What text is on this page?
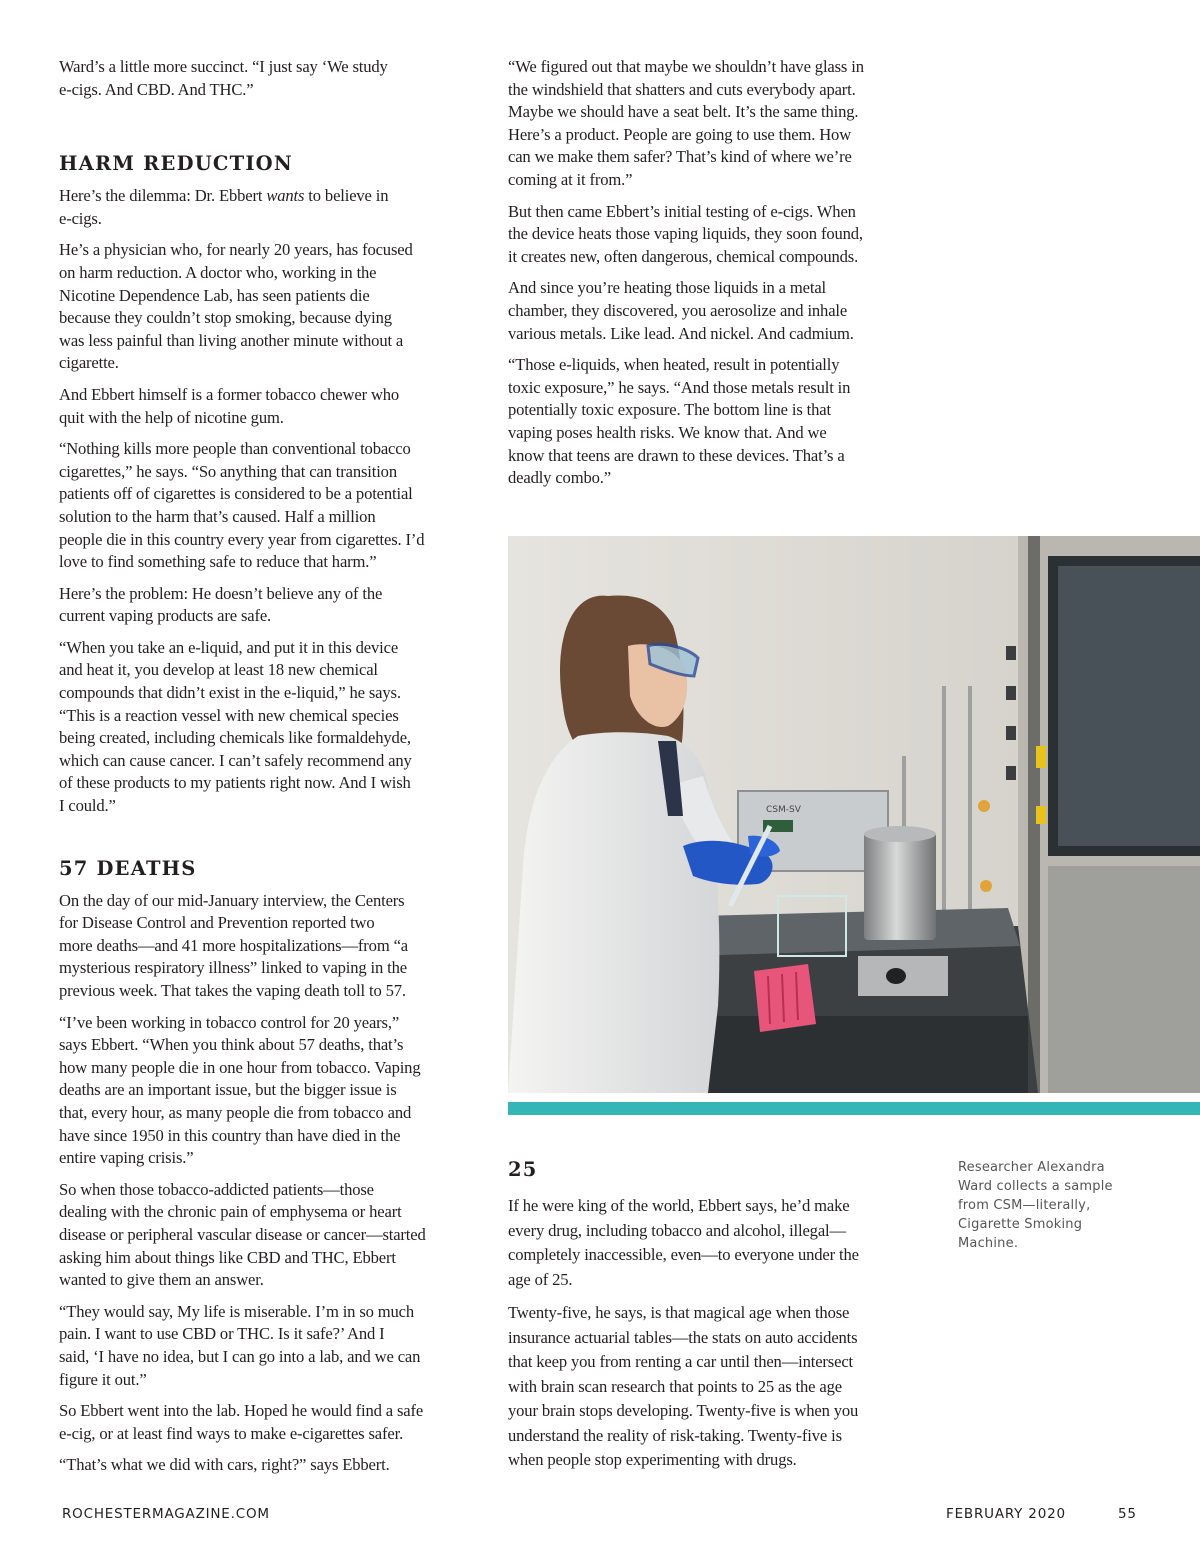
Ward’s a little more succinct. “I just say ‘We study
e-cigs. And CBD. And THC.”

HARM REDUCTION

Here’s the dilemma: Dr. Ebbert wants to believe in
e-cigs.

He’s a physician who, for nearly 20 years, has focused
on harm reduction. A doctor who, working in the
Nicotine Dependence Lab, has seen patients die
because they couldn’t stop smoking, because dying
was less painful than living another minute without a
cigarette.

And Ebbert himself is a former tobacco chewer who
quit with the help of nicotine gum.

“Nothing kills more people than conventional tobacco
cigarettes,” he says. “So anything that can transition
patients off of cigarettes is considered to be a potential
solution to the harm that’s caused. Half a million
people die in this country every year from cigarettes. I’d
love to find something safe to reduce that harm.”

Here’s the problem: He doesn’t believe any of the
current vaping products are safe.

“When you take an e-liquid, and put it in this device
and heat it, you develop at least 18 new chemical
compounds that didn’t exist in the e-liquid,” he says.
“This is a reaction vessel with new chemical species
being created, including chemicals like formaldehyde,
which can cause cancer. I can’t safely recommend any
of these products to my patients right now. And I wish
I could.”

57 DEATHS

On the day of our mid-January interview, the Centers
for Disease Control and Prevention reported two
more deaths—and 41 more hospitalizations—from “a
mysterious respiratory illness” linked to vaping in the
previous week. That takes the vaping death toll to 57.

“I’ve been working in tobacco control for 20 years,”
says Ebbert. “When you think about 57 deaths, that’s
how many people die in one hour from tobacco. Vaping
deaths are an important issue, but the bigger issue is
that, every hour, as many people die from tobacco and
have since 1950 in this country than have died in the
entire vaping crisis.”

So when those tobacco-addicted patients—those
dealing with the chronic pain of emphysema or heart
disease or peripheral vascular disease or cancer—started
asking him about things like CBD and THC, Ebbert
wanted to give them an answer.

“They would say, My life is miserable. I’m in so much
pain. I want to use CBD or THC. Is it safe?’ And I
said, ‘I have no idea, but I can go into a lab, and we can
figure it out.”

So Ebbert went into the lab. Hoped he would find a safe
e-cig, or at least find ways to make e-cigarettes safer.

“That’s what we did with cars, right?” says Ebbert.

“We figured out that maybe we shouldn’t have glass in
the windshield that shatters and cuts everybody apart.
Maybe we should have a seat belt. It’s the same thing.
Here’s a product. People are going to use them. How
can we make them safer? That’s kind of where we’re
coming at it from.”

But then came Ebbert’s initial testing of e-cigs. When
the device heats those vaping liquids, they soon found,
it creates new, often dangerous, chemical compounds.

And since you’re heating those liquids in a metal
chamber, they discovered, you aerosolize and inhale
various metals. Like lead. And nickel. And cadmium.

“Those e-liquids, when heated, result in potentially
toxic exposure,” he says. “And those metals result in
potentially toxic exposure. The bottom line is that
vaping poses health risks. We know that. And we
know that teens are drawn to these devices. That’s a
deadly combo.”

CSM-SV
25

If he were king of the world, Ebbert says, he’d make
every drug, including tobacco and alcohol, illegal—
completely inaccessible, even—to everyone under the
age of 25.

Twenty-five, he says, is that magical age when those
insurance actuarial tables—the stats on auto accidents
that keep you from renting a car until then—intersect
with brain scan research that points to 25 as the age
your brain stops developing. Twenty-five is when you
understand the reality of risk-taking. Twenty-five is
when people stop experimenting with drugs.

Researcher Alexandra
Ward collects a sample
from CSM—literally,
Cigarette Smoking
Machine.
ROCHESTERMAGAZINE.COM	FEBRUARY 2020	55
